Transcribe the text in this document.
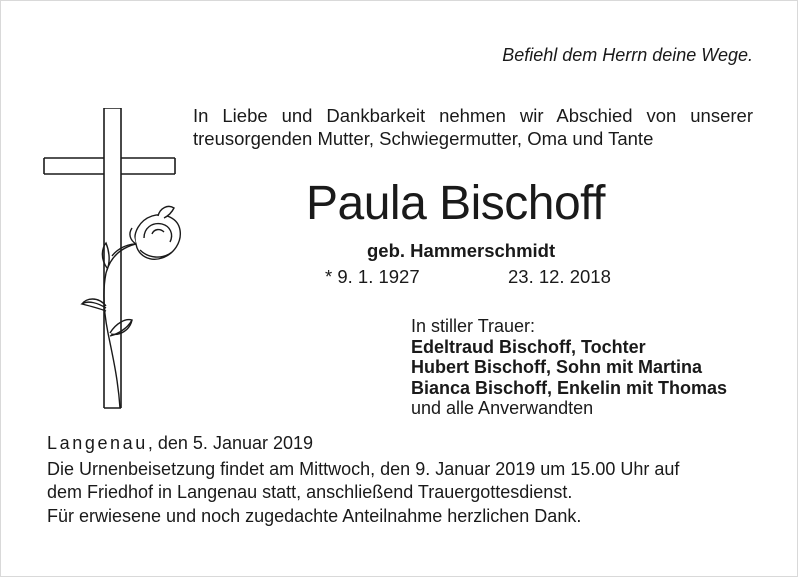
Befiehl dem Herrn deine Wege.
In Liebe und Dankbarkeit nehmen wir Abschied von unserer
treusorgenden Mutter, Schwiegermutter, Oma und Tante
Paula Bischoff
geb. Hammerschmidt
* 9. 1. 1927	23. 12. 2018
In stiller Trauer:
Edeltraud Bischoff, Tochter
Hubert Bischoff, Sohn mit Martina
Bianca Bischoff, Enkelin mit Thomas
und alle Anverwandten
Langenau, den 5. Januar 2019
Die Urnenbeisetzung findet am Mittwoch, den 9. Januar 2019 um 15.00 Uhr auf
dem Friedhof in Langenau statt, anschließend Trauergottesdienst.
Für erwiesene und noch zugedachte Anteilnahme herzlichen Dank.
